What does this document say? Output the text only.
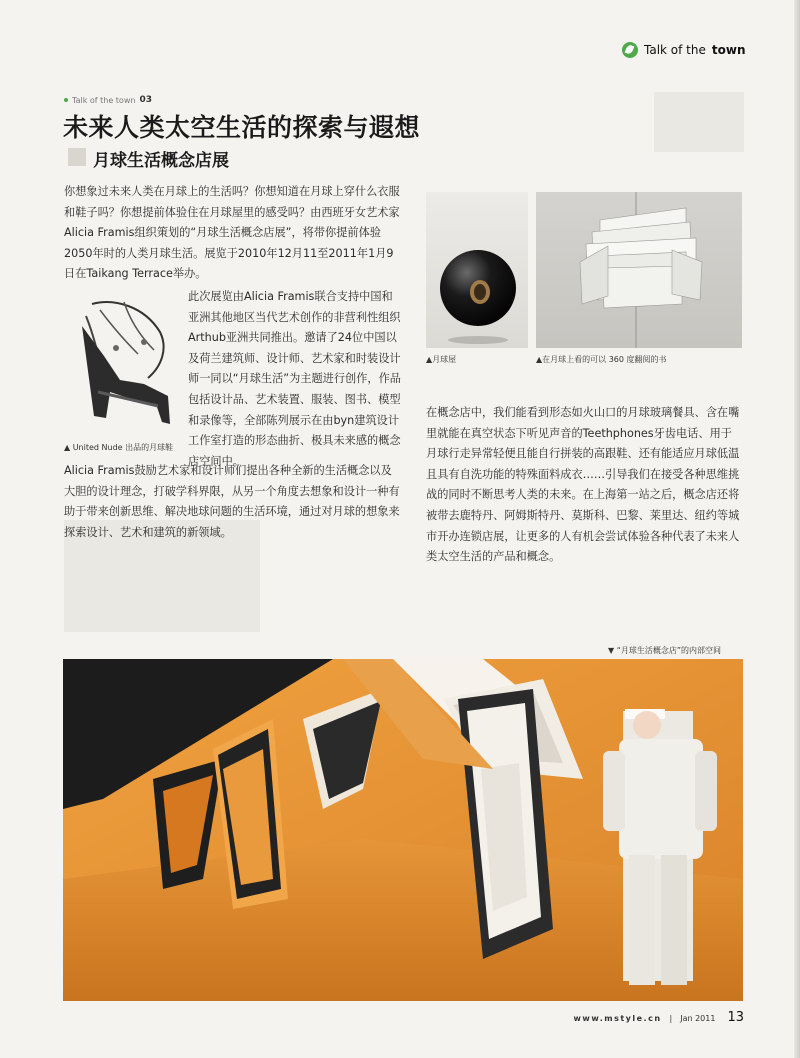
Talk of the town
Talk of the town 03
未来人类太空生活的探索与遐想
月球生活概念店展

你想象过未来人类在月球上的生活吗？你想知道在月球上穿什么衣服和鞋子吗？你想提前体验住在月球屋里的感受吗？由西班牙女艺术家Alicia Framis组织策划的“月球生活概念店展”，将带你提前体验2050年时的人类月球生活。展览于2010年12月11至2011年1月9日在Taikang Terrace举办。

此次展览由Alicia Framis联合支持中国和亚洲其他地区当代艺术创作的非营利性组织Arthub亚洲共同推出。邀请了24位中国以及荷兰建筑师、设计师、艺术家和时装设计师一同以“月球生活”为主题进行创作，作品包括设计品、艺术装置、服装、图书、模型和录像等，全部陈列展示在由byn建筑设计工作室打造的形态曲折、极具未来感的概念店空间中。

▲ United Nude 出品的月球鞋

Alicia Framis鼓励艺术家和设计师们提出各种全新的生活概念以及大胆的设计理念，打破学科界限，从另一个角度去想象和设计一种有助于带来创新思维、解决地球问题的生活环境，通过对月球的想象来探索设计、艺术和建筑的新领域。

▲月球屋	▲在月球上看的可以 360 度翻阅的书

在概念店中，我们能看到形态如火山口的月球玻璃餐具、含在嘴里就能在真空状态下听见声音的Teethphones牙齿电话、用于月球行走异常轻便且能自行拼装的高跟鞋、还有能适应月球低温且具有自洗功能的特殊面料成衣……引导我们在接受各种思维挑战的同时不断思考人类的未来。在上海第一站之后，概念店还将被带去鹿特丹、阿姆斯特丹、莫斯科、巴黎、莱里达、纽约等城市开办连锁店展，让更多的人有机会尝试体验各种代表了未来人类太空生活的产品和概念。

▼ “月球生活概念店”的内部空间
www.mstyle.cn | Jan 2011 13
